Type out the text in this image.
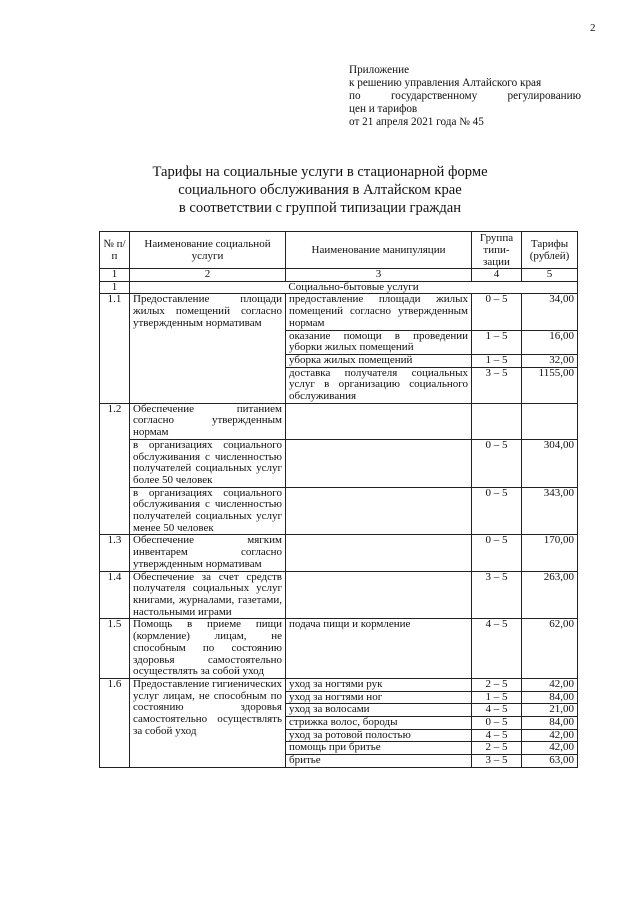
2
Приложение
к решению управления Алтайского края
по государственному регулированию
цен и тарифов
от 21 апреля 2021 года № 45
Тарифы на социальные услуги в стационарной форме
социального обслуживания в Алтайском крае
в соответствии с группой типизации граждан
№ п/п	Наименование социальной услуги	Наименование манипуляции	Группа типи-зации	Тарифы (рублей)
1	2	3	4	5
1	Социально-бытовые услуги			
1.1	Предоставление площади жилых помещений согласно утвержденным нормативам	предоставление площади жилых помещений согласно утвержденным нормам	0 – 5	34,00
		оказание помощи в проведении уборки жилых помещений	1 – 5	16,00
		уборка жилых помещений	1 – 5	32,00
		доставка получателя социальных услуг в организацию социального обслуживания	3 – 5	1155,00
1.2	Обеспечение питанием согласно утвержденным нормам			
	в организациях социального обслуживания с численностью получателей социальных услуг более 50 человек		0 – 5	304,00
	в организациях социального обслуживания с численностью получателей социальных услуг менее 50 человек		0 – 5	343,00
1.3	Обеспечение мягким инвентарем согласно утвержденным нормативам		0 – 5	170,00
1.4	Обеспечение за счет средств получателя социальных услуг книгами, журналами, газетами, настольными играми		3 – 5	263,00
1.5	Помощь в приеме пищи (кормление) лицам, не способным по состоянию здоровья самостоятельно осуществлять за собой уход	подача пищи и кормление	4 – 5	62,00
1.6	Предоставление гигиенических услуг лицам, не способным по состоянию здоровья самостоятельно осуществлять за собой уход	уход за ногтями рук	2 – 5	42,00
		уход за ногтями ног	1 – 5	84,00
		уход за волосами	4 – 5	21,00
		стрижка волос, бороды	0 – 5	84,00
		уход за ротовой полостью	4 – 5	42,00
		помощь при бритье	2 – 5	42,00
		бритье	3 – 5	63,00
